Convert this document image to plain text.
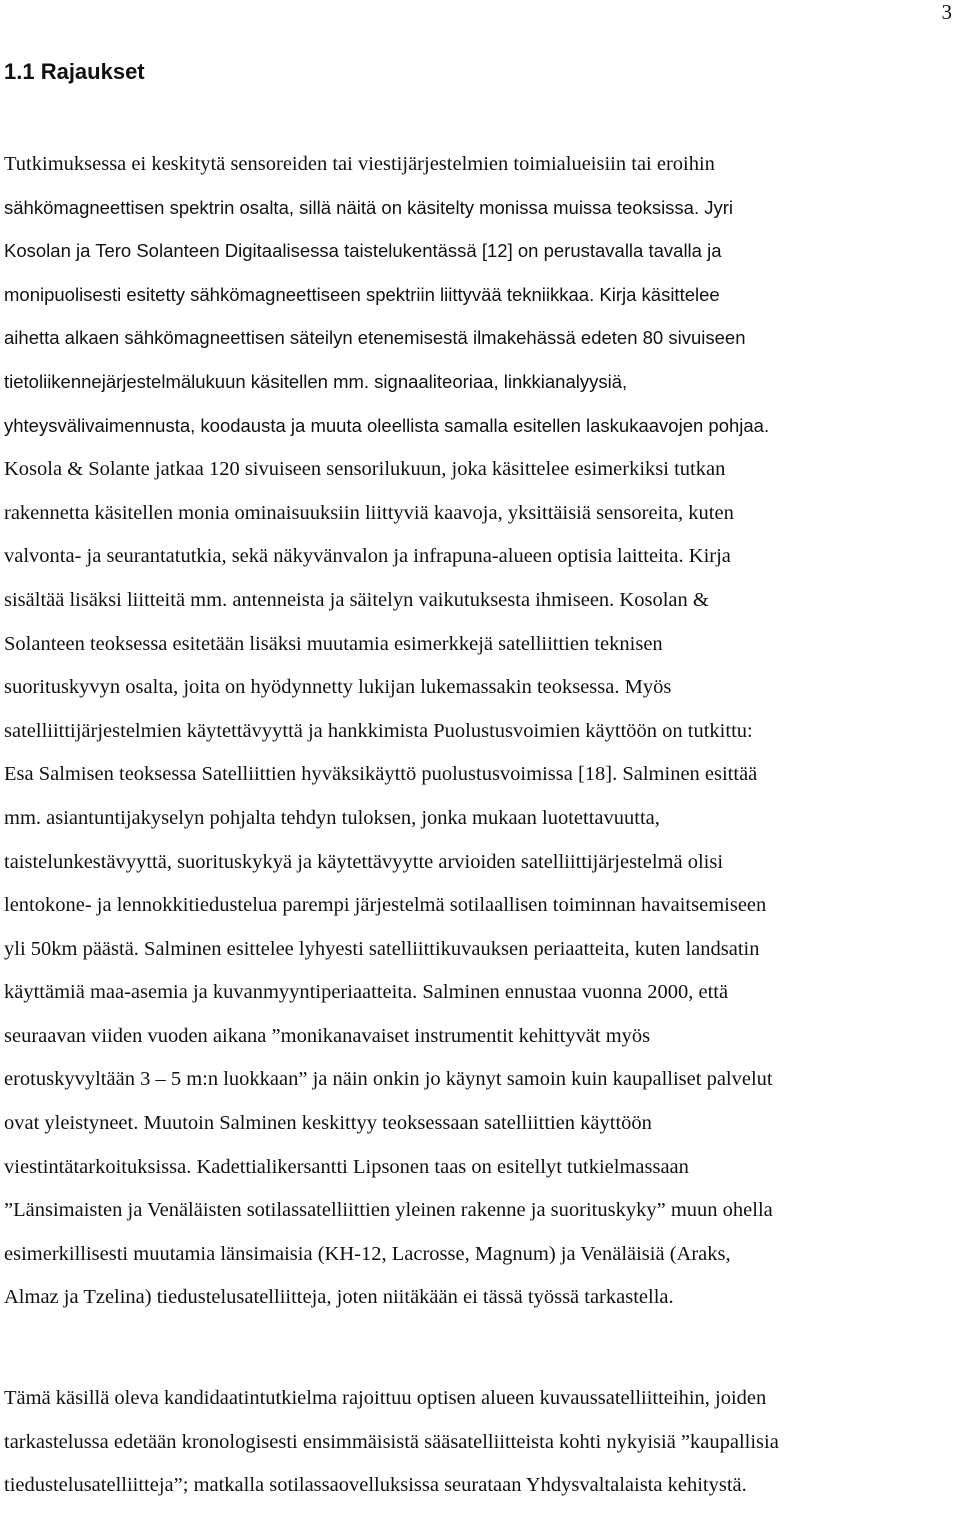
3
1.1 Rajaukset
Tutkimuksessa ei keskitytä sensoreiden tai viestijärjestelmien toimialueisiin tai eroihin
sähkömagneettisen spektrin osalta, sillä näitä on käsitelty monissa muissa teoksissa. Jyri
Kosolan ja Tero Solanteen Digitaalisessa taistelukentässä [12] on perustavalla tavalla ja
monipuolisesti esitetty sähkömagneettiseen spektriin liittyvää tekniikkaa. Kirja käsittelee
aihetta alkaen sähkömagneettisen säteilyn etenemisestä ilmakehässä edeten 80 sivuiseen
tietoliikennejärjestelmälukuun käsitellen mm. signaaliteoriaa, linkkianalyysiä,
yhteysvälivaimennusta, koodausta ja muuta oleellista samalla esitellen laskukaavojen pohjaa.
Kosola & Solante jatkaa 120 sivuiseen sensorilukuun, joka käsittelee esimerkiksi tutkan
rakennetta käsitellen monia ominaisuuksiin liittyviä kaavoja, yksittäisiä sensoreita, kuten
valvonta- ja seurantatutkia, sekä näkyvänvalon ja infrapuna-alueen optisia laitteita. Kirja
sisältää lisäksi liitteitä mm. antenneista ja säitelyn vaikutuksesta ihmiseen. Kosolan &
Solanteen teoksessa esitetään lisäksi muutamia esimerkkejä satelliittien teknisen
suorituskyvyn osalta, joita on hyödynnetty lukijan lukemassakin teoksessa. Myös
satelliittijärjestelmien käytettävyyttä ja hankkimista Puolustusvoimien käyttöön on tutkittu:
Esa Salmisen teoksessa Satelliittien hyväksikäyttö puolustusvoimissa [18]. Salminen esittää
mm. asiantuntijakyselyn pohjalta tehdyn tuloksen, jonka mukaan luotettavuutta,
taistelunkestävyyttä, suorituskykyä ja käytettävyytte arvioiden satelliittijärjestelmä olisi
lentokone- ja lennokkitiedustelua parempi järjestelmä sotilaallisen toiminnan havaitsemiseen
yli 50km päästä. Salminen esittelee lyhyesti satelliittikuvauksen periaatteita, kuten landsatin
käyttämiä maa-asemia ja kuvanmyyntiperiaatteita. Salminen ennustaa vuonna 2000, että
seuraavan viiden vuoden aikana ”monikanavaiset instrumentit kehittyvät myös
erotuskyvyltään 3 – 5 m:n luokkaan” ja näin onkin jo käynyt samoin kuin kaupalliset palvelut
ovat yleistyneet. Muutoin Salminen keskittyy teoksessaan satelliittien käyttöön
viestintätarkoituksissa. Kadettialikersantti Lipsonen taas on esitellyt tutkielmassaan
”Länsimaisten ja Venäläisten sotilassatelliittien yleinen rakenne ja suorituskyky” muun ohella
esimerkillisesti muutamia länsimaisia (KH-12, Lacrosse, Magnum) ja Venäläisiä (Araks,
Almaz ja Tzelina) tiedustelusatelliitteja, joten niitäkään ei tässä työssä tarkastella.
Tämä käsillä oleva kandidaatintutkielma rajoittuu optisen alueen kuvaussatelliitteihin, joiden
tarkastelussa edetään kronologisesti ensimmäisistä sääsatelliitteista kohti nykyisiä ”kaupallisia
tiedustelusatelliitteja”; matkalla sotilassaovelluksissa seurataan Yhdysvaltalaista kehitystä.
